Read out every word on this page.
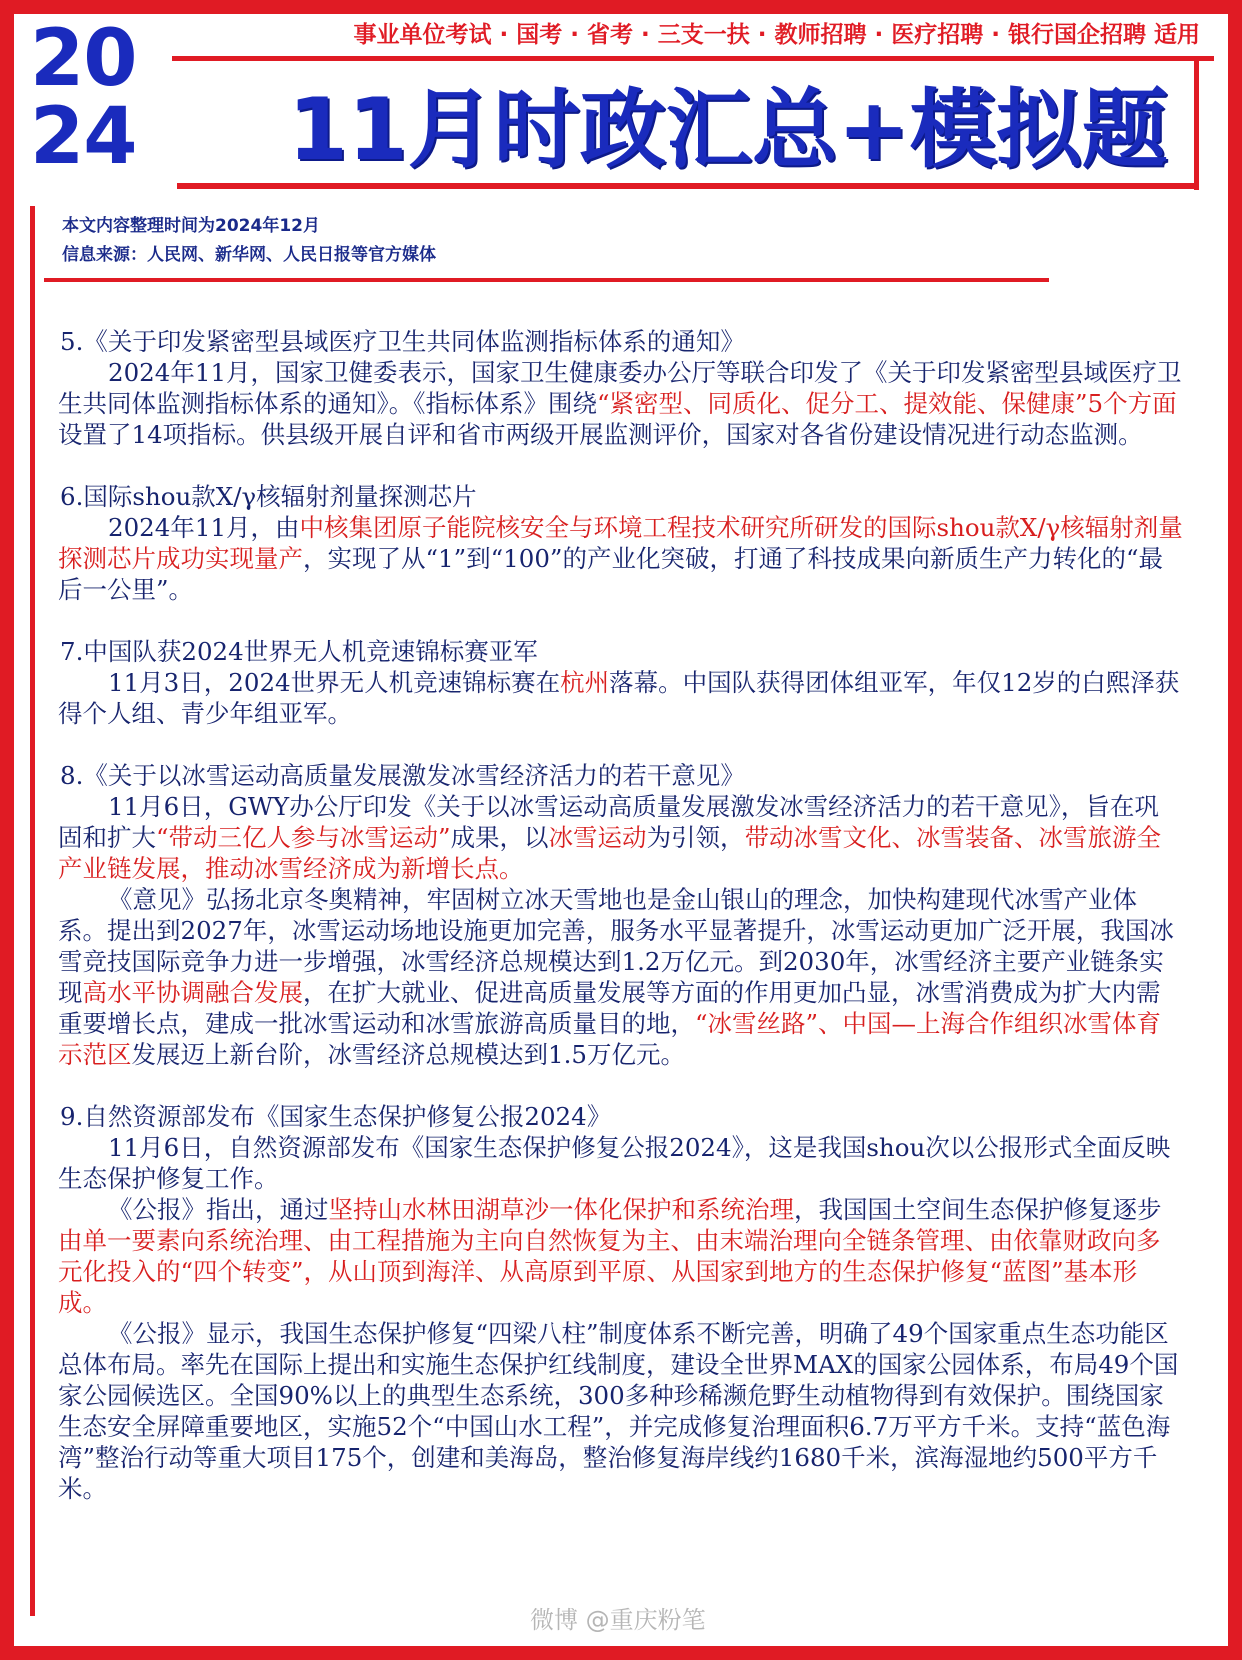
20
24
事业单位考试 · 国考 · 省考 · 三支一扶 · 教师招聘 · 医疗招聘 · 银行国企招聘 适用
11月时政汇总+模拟题
本文内容整理时间为2024年12月
信息来源：人民网、新华网、人民日报等官方媒体

5.《关于印发紧密型县域医疗卫生共同体监测指标体系的通知》

2024年11月，国家卫健委表示，国家卫生健康委办公厅等联合印发了《关于印发紧密型县域医疗卫生共同体监测指标体系的通知》。《指标体系》围绕“紧密型、同质化、促分工、提效能、保健康”5个方面设置了14项指标。供县级开展自评和省市两级开展监测评价，国家对各省份建设情况进行动态监测。

6.国际shou款X/γ核辐射剂量探测芯片

2024年11月，由中核集团原子能院核安全与环境工程技术研究所研发的国际shou款X/γ核辐射剂量探测芯片成功实现量产，实现了从“1”到“100”的产业化突破，打通了科技成果向新质生产力转化的“最后一公里”。

7.中国队获2024世界无人机竞速锦标赛亚军

11月3日，2024世界无人机竞速锦标赛在杭州落幕。中国队获得团体组亚军，年仅12岁的白熙泽获得个人组、青少年组亚军。

8.《关于以冰雪运动高质量发展激发冰雪经济活力的若干意见》

11月6日，GWY办公厅印发《关于以冰雪运动高质量发展激发冰雪经济活力的若干意见》，旨在巩固和扩大“带动三亿人参与冰雪运动”成果，以冰雪运动为引领，带动冰雪文化、冰雪装备、冰雪旅游全产业链发展，推动冰雪经济成为新增长点。

《意见》弘扬北京冬奥精神，牢固树立冰天雪地也是金山银山的理念，加快构建现代冰雪产业体系。提出到2027年，冰雪运动场地设施更加完善，服务水平显著提升，冰雪运动更加广泛开展，我国冰雪竞技国际竞争力进一步增强，冰雪经济总规模达到1.2万亿元。到2030年，冰雪经济主要产业链条实现高水平协调融合发展，在扩大就业、促进高质量发展等方面的作用更加凸显，冰雪消费成为扩大内需重要增长点，建成一批冰雪运动和冰雪旅游高质量目的地，“冰雪丝路”、中国—上海合作组织冰雪体育示范区发展迈上新台阶，冰雪经济总规模达到1.5万亿元。

9.自然资源部发布《国家生态保护修复公报2024》

11月6日，自然资源部发布《国家生态保护修复公报2024》，这是我国shou次以公报形式全面反映生态保护修复工作。

《公报》指出，通过坚持山水林田湖草沙一体化保护和系统治理，我国国土空间生态保护修复逐步由单一要素向系统治理、由工程措施为主向自然恢复为主、由末端治理向全链条管理、由依靠财政向多元化投入的“四个转变”，从山顶到海洋、从高原到平原、从国家到地方的生态保护修复“蓝图”基本形成。

《公报》显示，我国生态保护修复“四梁八柱”制度体系不断完善，明确了49个国家重点生态功能区总体布局。率先在国际上提出和实施生态保护红线制度，建设全世界MAX的国家公园体系，布局49个国家公园候选区。全国90%以上的典型生态系统，300多种珍稀濒危野生动植物得到有效保护。围绕国家生态安全屏障重要地区，实施52个“中国山水工程”，并完成修复治理面积6.7万平方千米。支持“蓝色海湾”整治行动等重大项目175个，创建和美海岛，整治修复海岸线约1680千米，滨海湿地约500平方千米。

微博 @重庆粉笔
